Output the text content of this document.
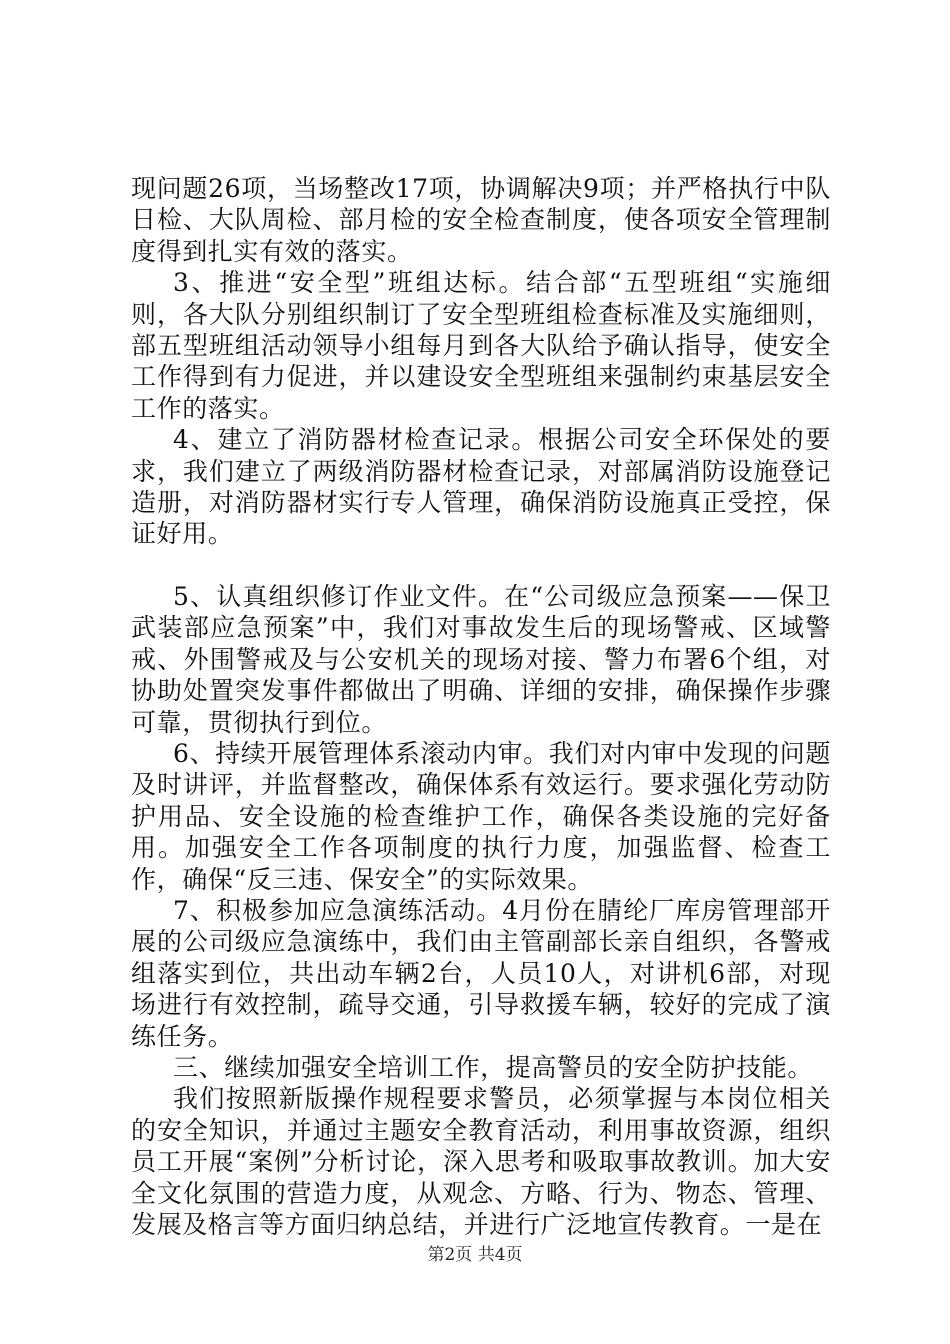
现问题26项，当场整改17项，协调解决9项；并严格执行中队日检、大队周检、部月检的安全检查制度，使各项安全管理制度得到扎实有效的落实。

3、推进“安全型”班组达标。结合部“五型班组“实施细则，各大队分别组织制订了安全型班组检查标准及实施细则，部五型班组活动领导小组每月到各大队给予确认指导，使安全工作得到有力促进，并以建设安全型班组来强制约束基层安全工作的落实。

4、建立了消防器材检查记录。根据公司安全环保处的要求，我们建立了两级消防器材检查记录，对部属消防设施登记造册，对消防器材实行专人管理，确保消防设施真正受控，保证好用。

5、认真组织修订作业文件。在“公司级应急预案——保卫武装部应急预案”中，我们对事故发生后的现场警戒、区域警戒、外围警戒及与公安机关的现场对接、警力布署6个组，对协助处置突发事件都做出了明确、详细的安排，确保操作步骤可靠，贯彻执行到位。

6、持续开展管理体系滚动内审。我们对内审中发现的问题及时讲评，并监督整改，确保体系有效运行。要求强化劳动防护用品、安全设施的检查维护工作，确保各类设施的完好备用。加强安全工作各项制度的执行力度，加强监督、检查工作，确保“反三违、保安全”的实际效果。

7、积极参加应急演练活动。4月份在腈纶厂库房管理部开展的公司级应急演练中，我们由主管副部长亲自组织，各警戒组落实到位，共出动车辆2台，人员10人，对讲机6部，对现场进行有效控制，疏导交通，引导救援车辆，较好的完成了演练任务。

三、继续加强安全培训工作，提高警员的安全防护技能。

我们按照新版操作规程要求警员，必须掌握与本岗位相关的安全知识，并通过主题安全教育活动，利用事故资源，组织员工开展“案例”分析讨论，深入思考和吸取事故教训。加大安全文化氛围的营造力度，从观念、方略、行为、物态、管理、发展及格言等方面归纳总结，并进行广泛地宣传教育。一是在

第2页 共4页
